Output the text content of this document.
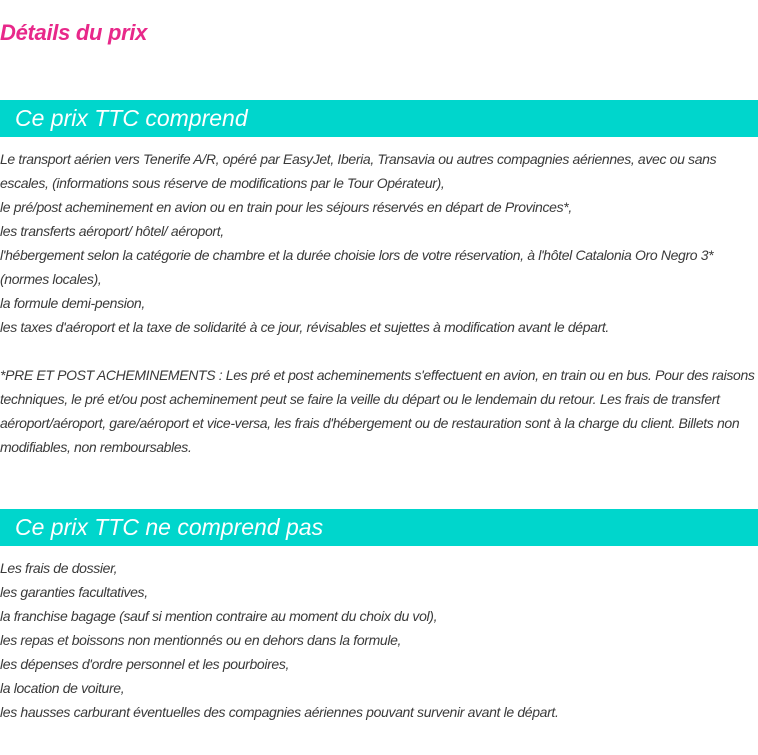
Détails du prix
Ce prix TTC comprend

Le transport aérien vers Tenerife A/R, opéré par EasyJet, Iberia, Transavia ou autres compagnies aériennes, avec ou sans escales, (informations sous réserve de modifications par le Tour Opérateur),

le pré/post acheminement en avion ou en train pour les séjours réservés en départ de Provinces*,

les transferts aéroport/ hôtel/ aéroport,

l'hébergement selon la catégorie de chambre et la durée choisie lors de votre réservation, à l'hôtel Catalonia Oro Negro 3* (normes locales),

la formule demi-pension,

les taxes d'aéroport et la taxe de solidarité à ce jour, révisables et sujettes à modification avant le départ.

*PRE ET POST ACHEMINEMENTS : Les pré et post acheminements s'effectuent en avion, en train ou en bus. Pour des raisons techniques, le pré et/ou post acheminement peut se faire la veille du départ ou le lendemain du retour. Les frais de transfert aéroport/aéroport, gare/aéroport et vice-versa, les frais d'hébergement ou de restauration sont à la charge du client. Billets non modifiables, non remboursables.

Ce prix TTC ne comprend pas

Les frais de dossier,

les garanties facultatives,

la franchise bagage (sauf si mention contraire au moment du choix du vol),

les repas et boissons non mentionnés ou en dehors dans la formule,

les dépenses d'ordre personnel et les pourboires,

la location de voiture,

les hausses carburant éventuelles des compagnies aériennes pouvant survenir avant le départ.
